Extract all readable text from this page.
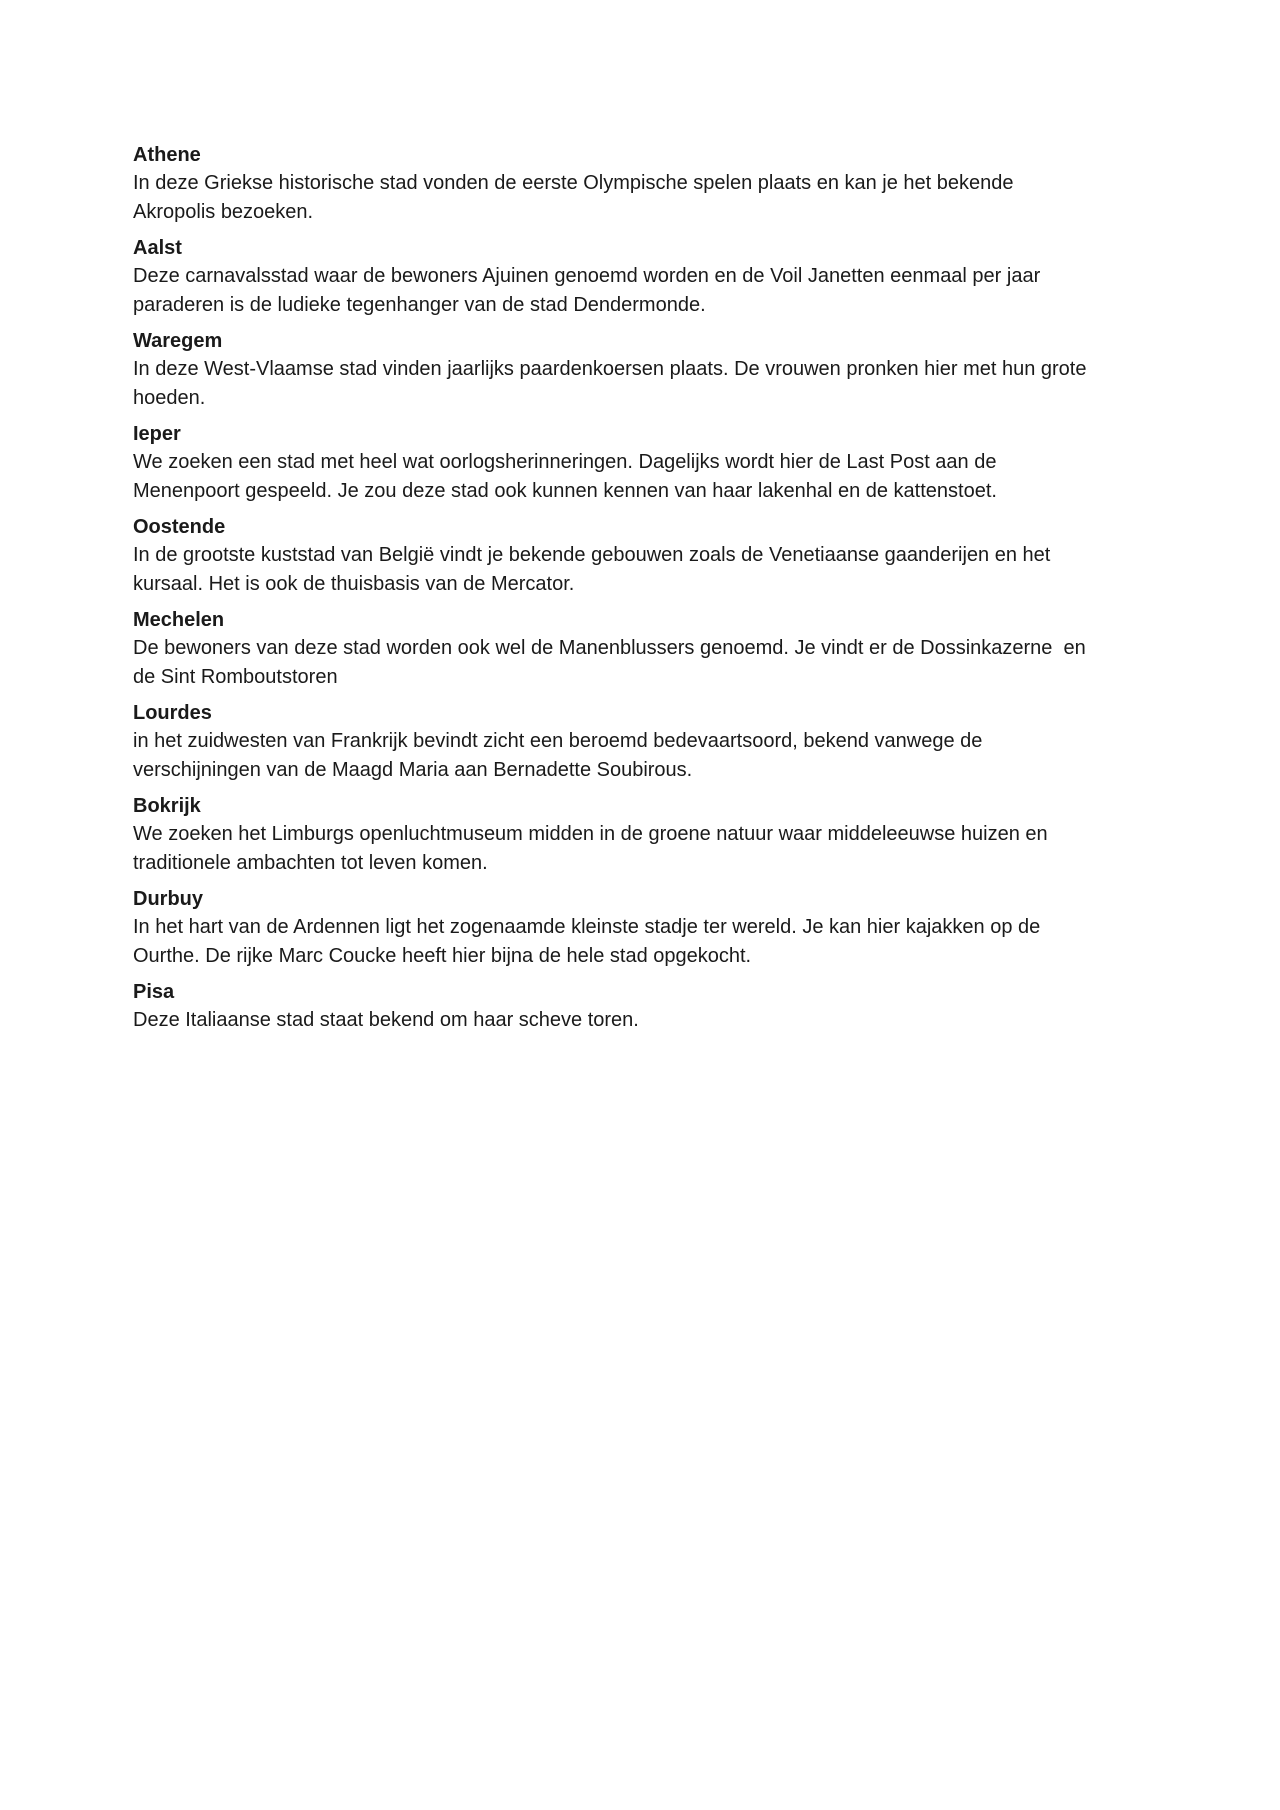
Athene

In deze Griekse historische stad vonden de eerste Olympische spelen plaats en kan je het bekende Akropolis bezoeken.

Aalst

Deze carnavalsstad waar de bewoners Ajuinen genoemd worden en de Voil Janetten eenmaal per jaar paraderen is de ludieke tegenhanger van de stad Dendermonde.

Waregem

In deze West-Vlaamse stad vinden jaarlijks paardenkoersen plaats. De vrouwen pronken hier met hun grote hoeden.

Ieper

We zoeken een stad met heel wat oorlogsherinneringen. Dagelijks wordt hier de Last Post aan de Menenpoort gespeeld. Je zou deze stad ook kunnen kennen van haar lakenhal en de kattenstoet.

Oostende

In de grootste kuststad van België vindt je bekende gebouwen zoals de Venetiaanse gaanderijen en het kursaal. Het is ook de thuisbasis van de Mercator.

Mechelen

De bewoners van deze stad worden ook wel de Manenblussers genoemd. Je vindt er de Dossinkazerne  en de Sint Romboutstoren

Lourdes

in het zuidwesten van Frankrijk bevindt zicht een beroemd bedevaartsoord, bekend vanwege de verschijningen van de Maagd Maria aan Bernadette Soubirous.

Bokrijk

We zoeken het Limburgs openluchtmuseum midden in de groene natuur waar middeleeuwse huizen en traditionele ambachten tot leven komen.

Durbuy

In het hart van de Ardennen ligt het zogenaamde kleinste stadje ter wereld. Je kan hier kajakken op de Ourthe. De rijke Marc Coucke heeft hier bijna de hele stad opgekocht.

Pisa

Deze Italiaanse stad staat bekend om haar scheve toren.
